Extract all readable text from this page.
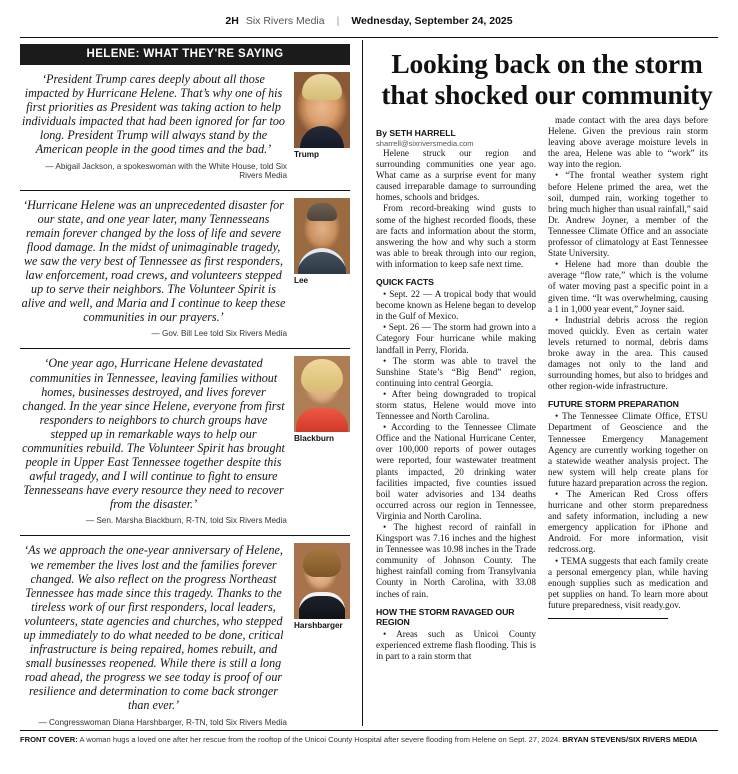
2H Six Rivers Media	|	Wednesday, September 24, 2025
HELENE: WHAT THEY'RE SAYING

‘President Trump cares deeply about all those impacted by Hurricane Helene. That’s why one of his first priorities as President was taking action to help individuals impacted that had been ignored for far too long. President Trump will always stand by the American people in the good times and the bad.’

— Abigail Jackson, a spokeswoman with the White House, told Six Rivers Media
Trump

‘Hurricane Helene was an unprecedented disaster for our state, and one year later, many Tennesseans remain forever changed by the loss of life and severe flood damage. In the midst of unimaginable tragedy, we saw the very best of Tennessee as first responders, law enforcement, road crews, and volunteers stepped up to serve their neighbors. The Volunteer Spirit is alive and well, and Maria and I continue to keep these communities in our prayers.’

— Gov. Bill Lee told Six Rivers Media
Lee

‘One year ago, Hurricane Helene devastated communities in Tennessee, leaving families without homes, businesses destroyed, and lives forever changed. In the year since Helene, everyone from first responders to neighbors to church groups have stepped up in remarkable ways to help our communities rebuild. The Volunteer Spirit has brought people in Upper East Tennessee together despite this awful tragedy, and I will continue to fight to ensure Tennesseans have every resource they need to recover from the disaster.’

— Sen. Marsha Blackburn, R-TN, told Six Rivers Media
Blackburn

‘As we approach the one-year anniversary of Helene, we remember the lives lost and the families forever changed. We also reflect on the progress Northeast Tennessee has made since this tragedy. Thanks to the tireless work of our first responders, local leaders, volunteers, state agencies and churches, who stepped up immediately to do what needed to be done, critical infrastructure is being repaired, homes rebuilt, and small businesses reopened. While there is still a long road ahead, the progress we see today is proof of our resilience and determination to come back stronger than ever.’

— Congresswoman Diana Harshbarger, R-TN, told Six Rivers Media
Harshbarger
Looking back on the storm that shocked our community
By SETH HARRELL
sharrell@sixriversmedia.com

Helene struck our region and surrounding communities one year ago. What came as a surprise event for many caused irreparable damage to surrounding homes, schools and bridges.

From record-breaking wind gusts to some of the highest recorded floods, these are facts and information about the storm, answering the how and why such a storm was able to break through into our region, with information to keep safe next time.

QUICK FACTS

• Sept. 22 — A tropical body that would become known as Helene began to develop in the Gulf of Mexico.

• Sept. 26 — The storm had grown into a Category Four hurricane while making landfall in Perry, Florida.

• The storm was able to travel the Sunshine State’s “Big Bend” region, continuing into central Georgia.

• After being downgraded to tropical storm status, Helene would move into Tennessee and North Carolina.

• According to the Tennessee Climate Office and the National Hurricane Center, over 100,000 reports of power outages were reported, four wastewater treatment plants impacted, 20 drinking water facilities impacted, five counties issued boil water advisories and 134 deaths occurred across our region in Tennessee, Virginia and North Carolina.

• The highest record of rainfall in Kingsport was 7.16 inches and the highest in Tennessee was 10.98 inches in the Trade community of Johnson County. The highest rainfall coming from Transylvania County in North Carolina, with 33.08 inches of rain.

HOW THE STORM RAVAGED OUR REGION

• Areas such as Unicoi County experienced extreme flash flooding. This is in part to a rain storm that

made contact with the area days before Helene. Given the previous rain storm leaving above average moisture levels in the area, Helene was able to “work” its way into the region.

• “The frontal weather system right before Helene primed the area, wet the soil, dumped rain, working together to bring much higher than usual rainfall,” said Dr. Andrew Joyner, a member of the Tennessee Climate Office and an associate professor of climatology at East Tennessee State University.

• Helene had more than double the average “flow rate,” which is the volume of water moving past a specific point in a given time. “It was overwhelming, causing a 1 in 1,000 year event,” Joyner said.

• Industrial debris across the region moved quickly. Even as certain water levels returned to normal, debris dams broke away in the area. This caused damages not only to the land and surrounding homes, but also to bridges and other region-wide infrastructure.

FUTURE STORM PREPARATION

• The Tennessee Climate Office, ETSU Department of Geoscience and the Tennessee Emergency Management Agency are currently working together on a statewide weather analysis project. The new system will help create plans for future hazard preparation across the region.

• The American Red Cross offers hurricane and other storm preparedness and safety information, including a new emergency application for iPhone and Android. For more information, visit redcross.org.

• TEMA suggests that each family create a personal emergency plan, while having enough supplies such as medication and pet supplies on hand. To learn more about future preparedness, visit ready.gov.

FRONT COVER: A woman hugs a loved one after her rescue from the rooftop of the Unicoi County Hospital after severe flooding from Helene on Sept. 27, 2024. BRYAN STEVENS/SIX RIVERS MEDIA
